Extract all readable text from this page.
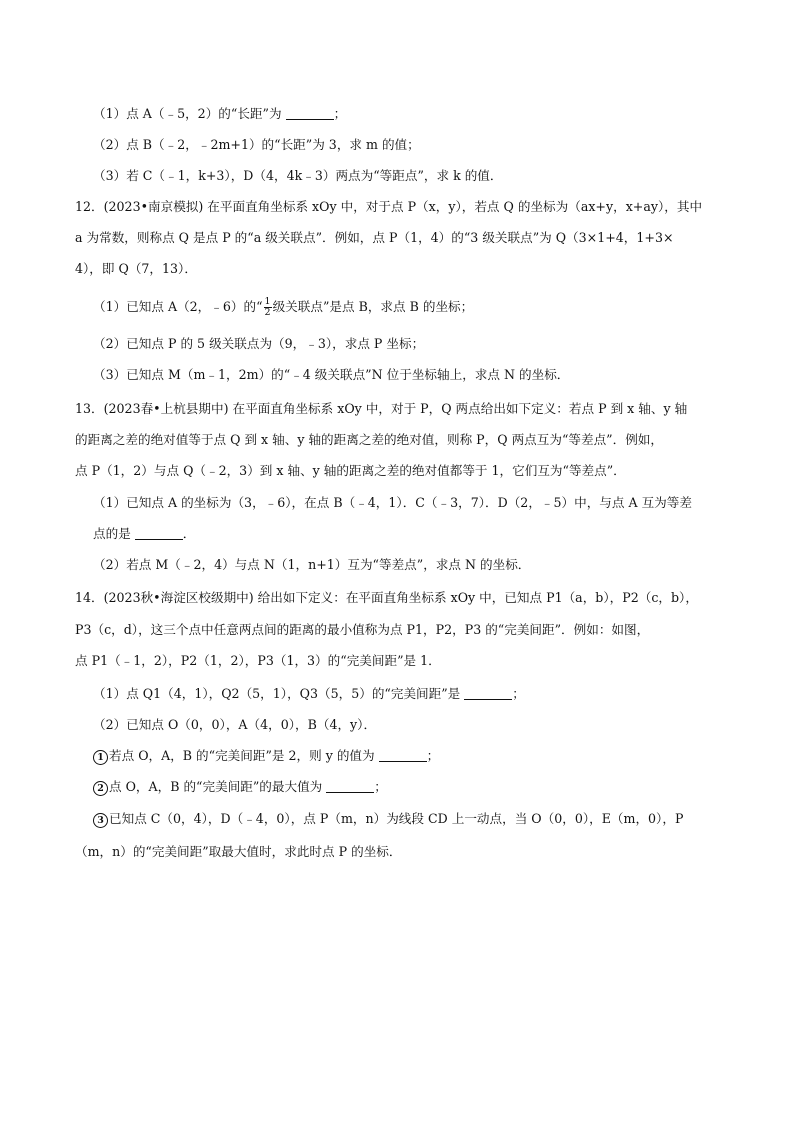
（1）点 A（﹣5，2）的“长距”为	；
（2）点 B（﹣2，﹣2m+1）的“长距”为 3，求 m 的值；
（3）若 C（﹣1，k+3），D（4，4k﹣3）两点为“等距点”，求 k 的值．
12．(2023•南京模拟) 在平面直角坐标系 xOy 中，对于点 P（x，y），若点 Q 的坐标为（ax+y，x+ay），其中
a 为常数，则称点 Q 是点 P 的“a 级关联点”．例如，点 P（1，4）的“3 级关联点”为 Q（3×1+4，1+3×
4），即 Q（7，13）．
（1）已知点 A（2，﹣6）的“ $\frac{1}{2}$ 级关联点”是点 B，求点 B 的坐标；
（2）已知点 P 的 5 级关联点为（9，﹣3），求点 P 坐标；
（3）已知点 M（m﹣1，2m）的“﹣4 级关联点”N 位于坐标轴上，求点 N 的坐标．
13．(2023春•上杭县期中) 在平面直角坐标系 xOy 中，对于 P，Q 两点给出如下定义：若点 P 到 x 轴、y 轴
的距离之差的绝对值等于点 Q 到 x 轴、y 轴的距离之差的绝对值，则称 P，Q 两点互为“等差点”．例如，
点 P（1，2）与点 Q（﹣2，3）到 x 轴、y 轴的距离之差的绝对值都等于 1，它们互为“等差点”．
（1）已知点 A 的坐标为（3，﹣6），在点 B（﹣4，1）．C（﹣3，7）．D（2，﹣5）中，与点 A 互为等差
点的是	．
（2）若点 M（﹣2，4）与点 N（1，n+1）互为“等差点”，求点 N 的坐标．
14．(2023秋•海淀区校级期中) 给出如下定义：在平面直角坐标系 xOy 中，已知点 P1（a，b），P2（c，b），
P3（c，d），这三个点中任意两点间的距离的最小值称为点 P1，P2，P3 的“完美间距”．例如：如图，
点 P1（﹣1，2），P2（1，2），P3（1，3）的“完美间距”是 1．
（1）点 Q1（4，1），Q2（5，1），Q3（5，5）的“完美间距”是	；
（2）已知点 O（0，0），A（4，0），B（4，y）．
1 若点 O，A，B 的“完美间距”是 2，则 y 的值为	；
2 点 O，A，B 的“完美间距”的最大值为	；
3 已知点 C（0，4），D（﹣4，0），点 P（m，n）为线段 CD 上一动点，当 O（0，0），E（m，0），P
（m，n）的“完美间距”取最大值时，求此时点 P 的坐标．
